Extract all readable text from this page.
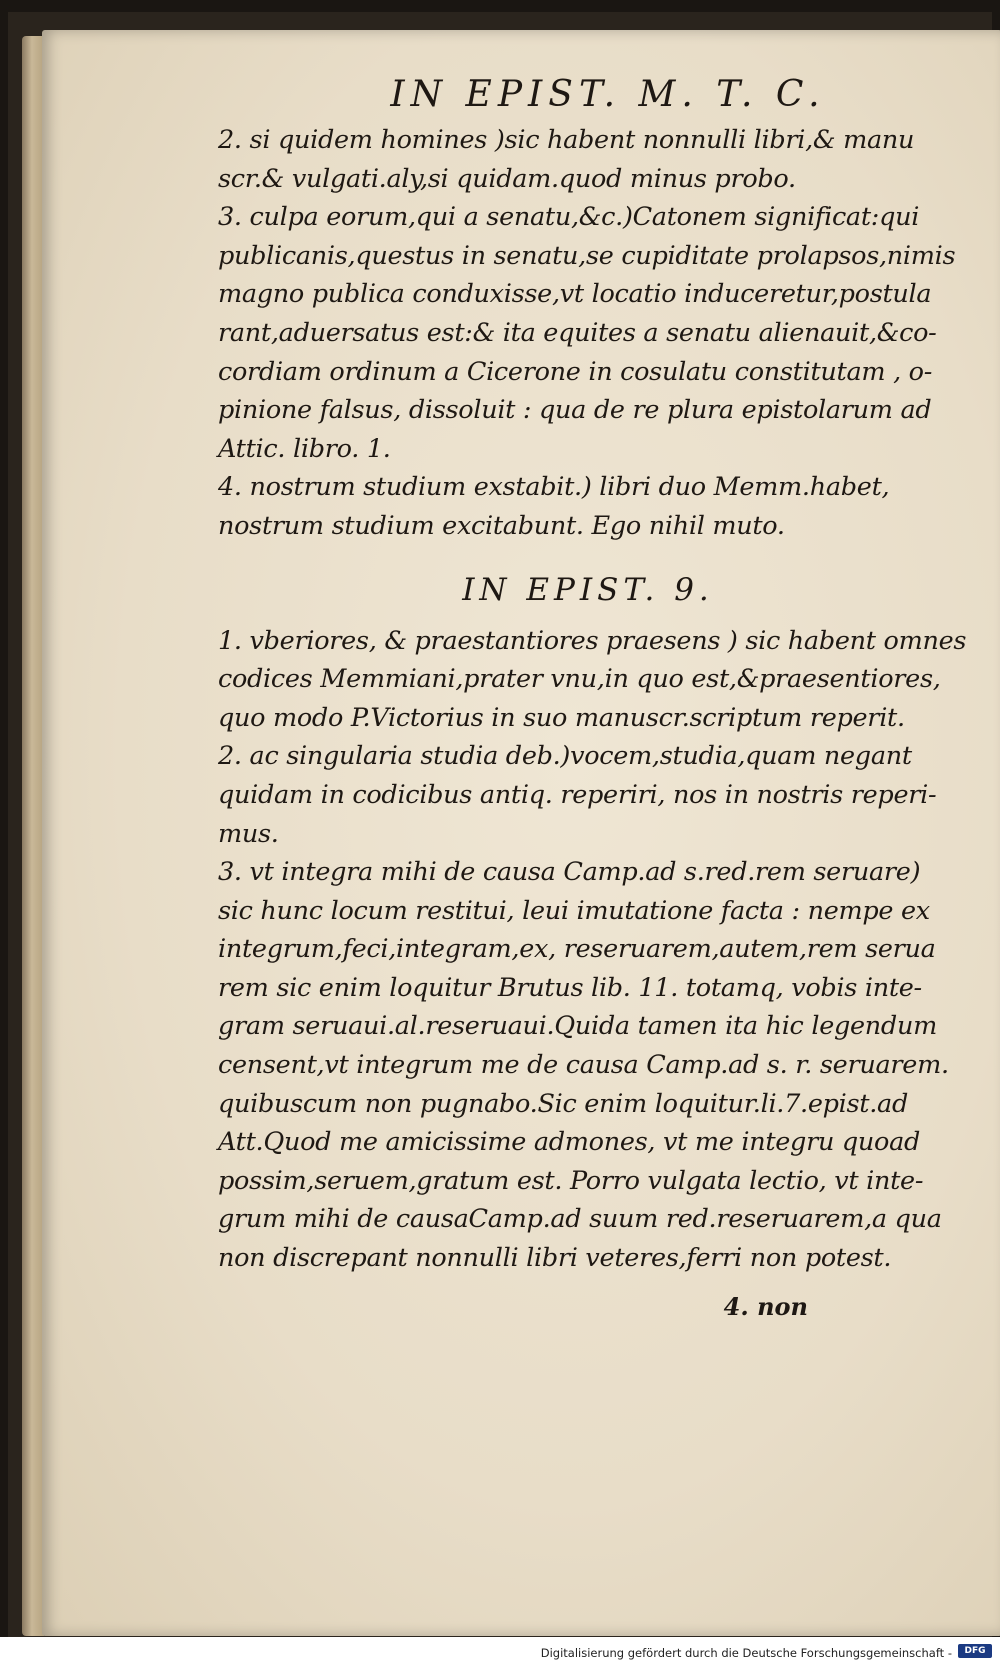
IN EPIST. M. T. C.
2. si quidem homines )sic habent nonnulli libri,& manu
scr.& vulgati.aly,si quidam.quod minus probo.
3. culpa eorum,qui a senatu,&c.)Catonem significat:qui
publicanis,questus in senatu,se cupiditate prolapsos,nimis
magno publica conduxisse,vt locatio induceretur,postula
rant,aduersatus est:& ita equites a senatu alienauit,&co-
cordiam ordinum a Cicerone in cosulatu constitutam , o-
pinione falsus, dissoluit : qua de re plura epistolarum ad
Attic. libro. 1.
4. nostrum studium exstabit.) libri duo Memm.habet,
nostrum studium excitabunt. Ego nihil muto.
IN EPIST. 9.
1. vberiores, & praestantiores praesens ) sic habent omnes
codices Memmiani,prater vnu,in quo est,&praesentiores,
quo modo P.Victorius in suo manuscr.scriptum reperit.
2. ac singularia studia deb.)vocem,studia,quam negant
quidam in codicibus antiq. reperiri, nos in nostris reperi-
mus.
3. vt integra mihi de causa Camp.ad s.red.rem seruare)
sic hunc locum restitui, leui imutatione facta : nempe ex
integrum,feci,integram,ex, reseruarem,autem,rem serua
rem sic enim loquitur Brutus lib. 11. totamq, vobis inte-
gram seruaui.al.reseruaui.Quida tamen ita hic legendum
censent,vt integrum me de causa Camp.ad s. r. seruarem.
quibuscum non pugnabo.Sic enim loquitur.li.7.epist.ad
Att.Quod me amicissime admones, vt me integru quoad
possim,seruem,gratum est. Porro vulgata lectio, vt inte-
grum mihi de causaCamp.ad suum red.reseruarem,a qua
non discrepant nonnulli libri veteres,ferri non potest.
4. non
Digitalisierung gefördert durch die Deutsche Forschungsgemeinschaft -	DFG
